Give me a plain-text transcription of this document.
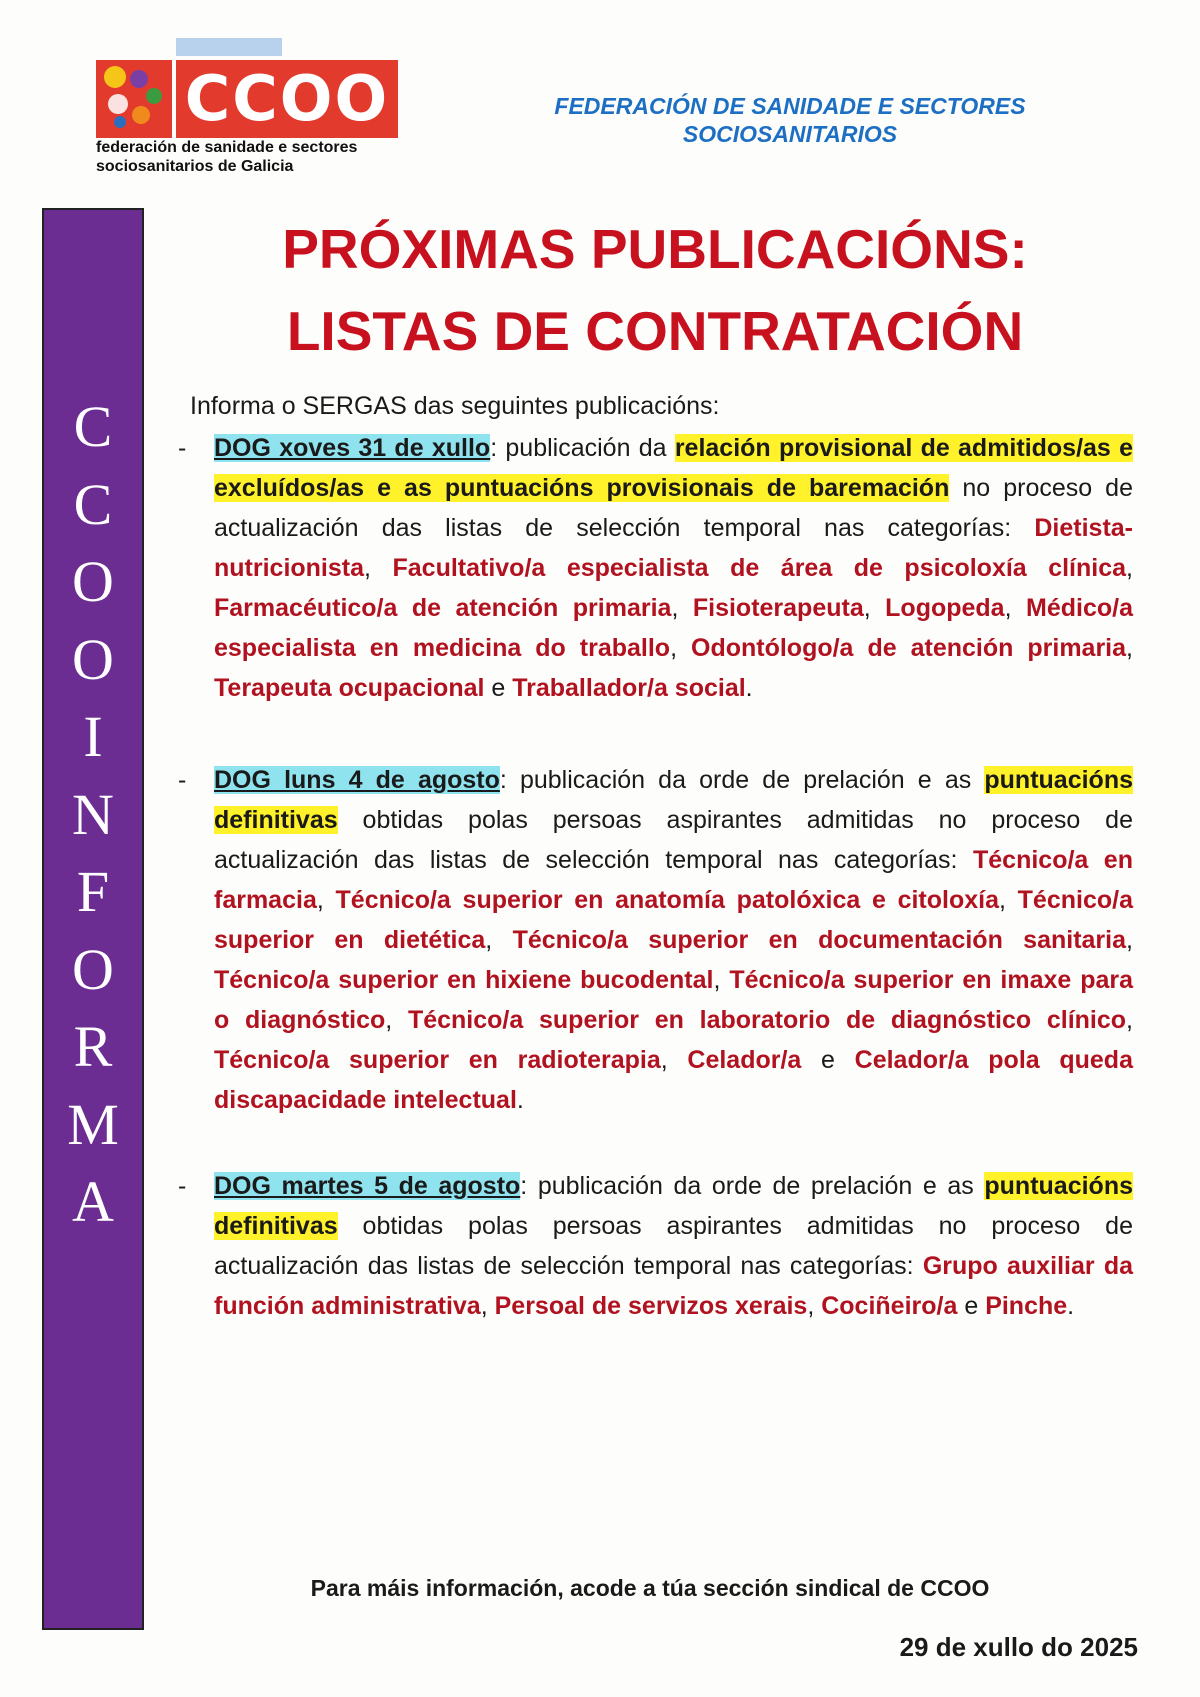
CCOO
federación de sanidade e sectores
sociosanitarios de Galicia
FEDERACIÓN DE SANIDADE E SECTORES
SOCIOSANITARIOS
C
C
O
O
I
N
F
O
R
M
A
PRÓXIMAS PUBLICACIÓNS:
LISTAS DE CONTRATACIÓN
Informa o SERGAS das seguintes publicacións:
- DOG xoves 31 de xullo: publicación da relación provisional de admitidos/as e excluídos/as e as puntuacións provisionais de baremación no proceso de actualización das listas de selección temporal nas categorías: Dietista-nutricionista, Facultativo/a especialista de área de psicoloxía clínica, Farmacéutico/a de atención primaria, Fisioterapeuta, Logopeda, Médico/a especialista en medicina do traballo, Odontólogo/a de atención primaria, Terapeuta ocupacional e Traballador/a social.
- DOG luns 4 de agosto: publicación da orde de prelación e as puntuacións definitivas obtidas polas persoas aspirantes admitidas no proceso de actualización das listas de selección temporal nas categorías: Técnico/a en farmacia, Técnico/a superior en anatomía patolóxica e citoloxía, Técnico/a superior en dietética, Técnico/a superior en documentación sanitaria, Técnico/a superior en hixiene bucodental, Técnico/a superior en imaxe para o diagnóstico, Técnico/a superior en laboratorio de diagnóstico clínico, Técnico/a superior en radioterapia, Celador/a e Celador/a pola queda discapacidade intelectual.
- DOG martes 5 de agosto: publicación da orde de prelación e as puntuacións definitivas obtidas polas persoas aspirantes admitidas no proceso de actualización das listas de selección temporal nas categorías: Grupo auxiliar da función administrativa, Persoal de servizos xerais, Cociñeiro/a e Pinche.
Para máis información, acode a túa sección sindical de CCOO
29 de xullo do 2025
